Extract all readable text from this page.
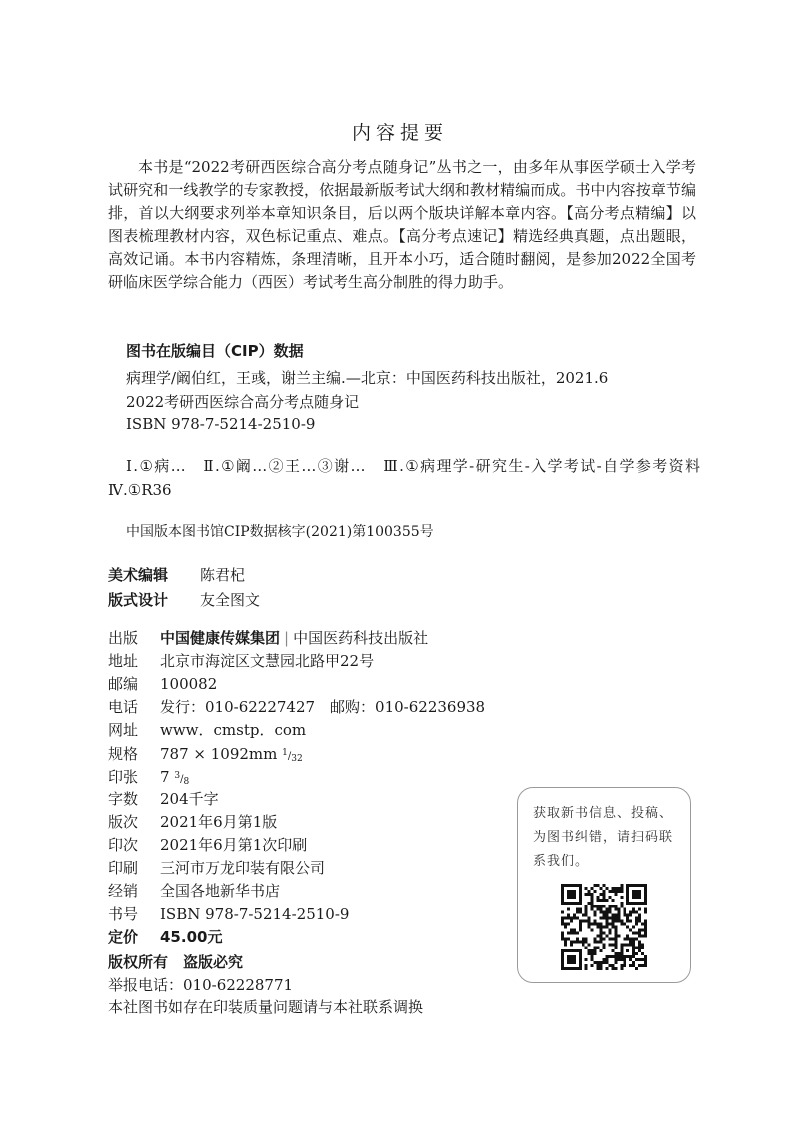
内容提要

本书是“2022考研西医综合高分考点随身记”丛书之一，由多年从事医学硕士入学考试研究和一线教学的专家教授，依据最新版考试大纲和教材精编而成。书中内容按章节编排，首以大纲要求列举本章知识条目，后以两个版块详解本章内容。【高分考点精编】以图表梳理教材内容，双色标记重点、难点。【高分考点速记】精选经典真题，点出题眼，高效记诵。本书内容精炼，条理清晰，且开本小巧，适合随时翻阅，是参加2022全国考研临床医学综合能力（西医）考试考生高分制胜的得力助手。

图书在版编目（CIP）数据
病理学/阚伯红，王彧，谢兰主编.—北京：中国医药科技出版社，2021.6
2022考研西医综合高分考点随身记
ISBN 978-7-5214-2510-9

Ⅰ.①病…　Ⅱ.①阚…②王…③谢…　Ⅲ.①病理学-研究生-入学考试-自学参考资料　Ⅳ.①R36

中国版本图书馆CIP数据核字(2021)第100355号
美术编辑 陈君杞
版式设计 友全图文
出版 中国健康传媒集团 | 中国医药科技出版社
地址 北京市海淀区文慧园北路甲22号
邮编 100082
电话 发行：010-62227427　邮购：010-62236938
网址 www．cmstp．com
规格 787 × 1092mm $^1/_{32}$
印张 7 $^3/_8$
字数 204千字
版次 2021年6月第1版
印次 2021年6月第1次印刷
印刷 三河市万龙印装有限公司
经销 全国各地新华书店
书号 ISBN 978-7-5214-2510-9
定价 45.00元
版权所有　盗版必究
举报电话：010-62228771
本社图书如存在印装质量问题请与本社联系调换
获取新书信息、投稿、为图书纠错，请扫码联系我们。
